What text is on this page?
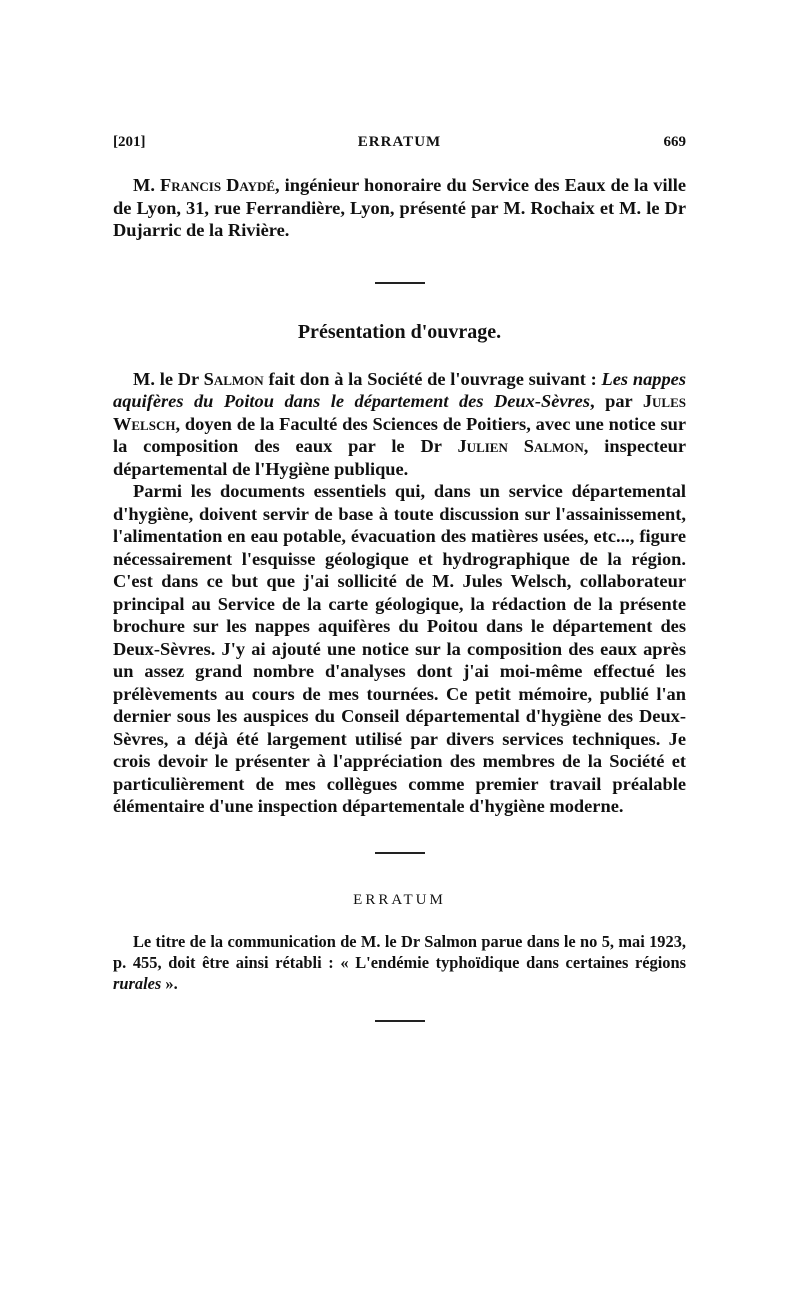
[201]	ERRATUM	669

M. Francis Daydé, ingénieur honoraire du Service des Eaux de la ville de Lyon, 31, rue Ferrandière, Lyon, présenté par M. Rochaix et M. le Dr Dujarric de la Rivière.

Présentation d'ouvrage.

M. le Dr Salmon fait don à la Société de l'ouvrage suivant : Les nappes aquifères du Poitou dans le département des Deux-Sèvres, par Jules Welsch, doyen de la Faculté des Sciences de Poitiers, avec une notice sur la composition des eaux par le Dr Julien Salmon, inspecteur départemental de l'Hygiène publique.

Parmi les documents essentiels qui, dans un service départemental d'hygiène, doivent servir de base à toute discussion sur l'assainissement, l'alimentation en eau potable, évacuation des matières usées, etc..., figure nécessairement l'esquisse géologique et hydrographique de la région. C'est dans ce but que j'ai sollicité de M. Jules Welsch, collaborateur principal au Service de la carte géologique, la rédaction de la présente brochure sur les nappes aquifères du Poitou dans le département des Deux-Sèvres. J'y ai ajouté une notice sur la composition des eaux après un assez grand nombre d'analyses dont j'ai moi-même effectué les prélèvements au cours de mes tournées. Ce petit mémoire, publié l'an dernier sous les auspices du Conseil départemental d'hygiène des Deux-Sèvres, a déjà été largement utilisé par divers services techniques. Je crois devoir le présenter à l'appréciation des membres de la Société et particulièrement de mes collègues comme premier travail préalable élémentaire d'une inspection départementale d'hygiène moderne.

ERRATUM

Le titre de la communication de M. le Dr Salmon parue dans le no 5, mai 1923, p. 455, doit être ainsi rétabli : « L'endémie typhoïdique dans certaines régions rurales ».
